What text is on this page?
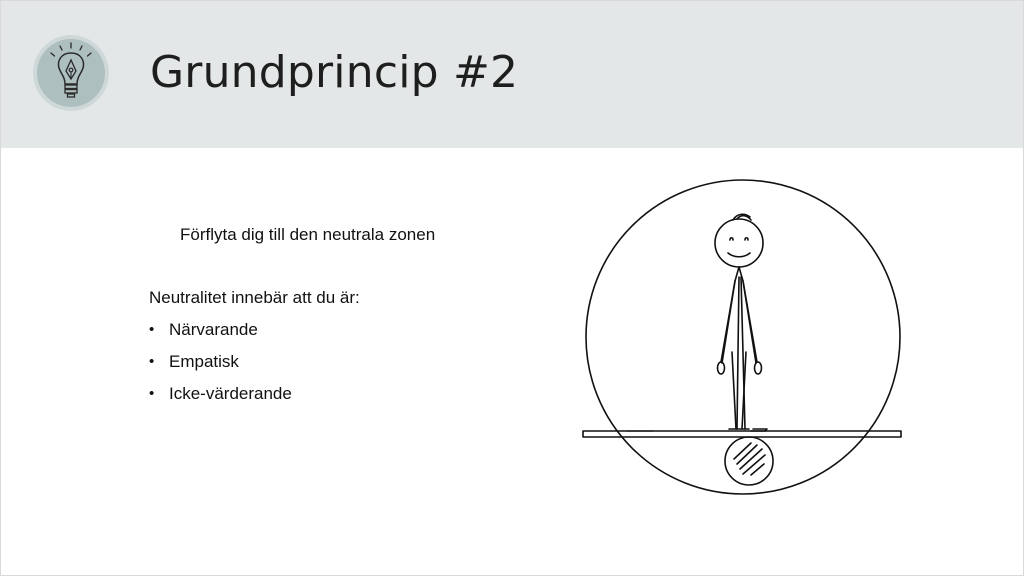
Grundprincip #2
Förflyta dig till den neutrala zonen
Neutralitet innebär att du är:
• Närvarande
• Empatisk
• Icke-värderande
